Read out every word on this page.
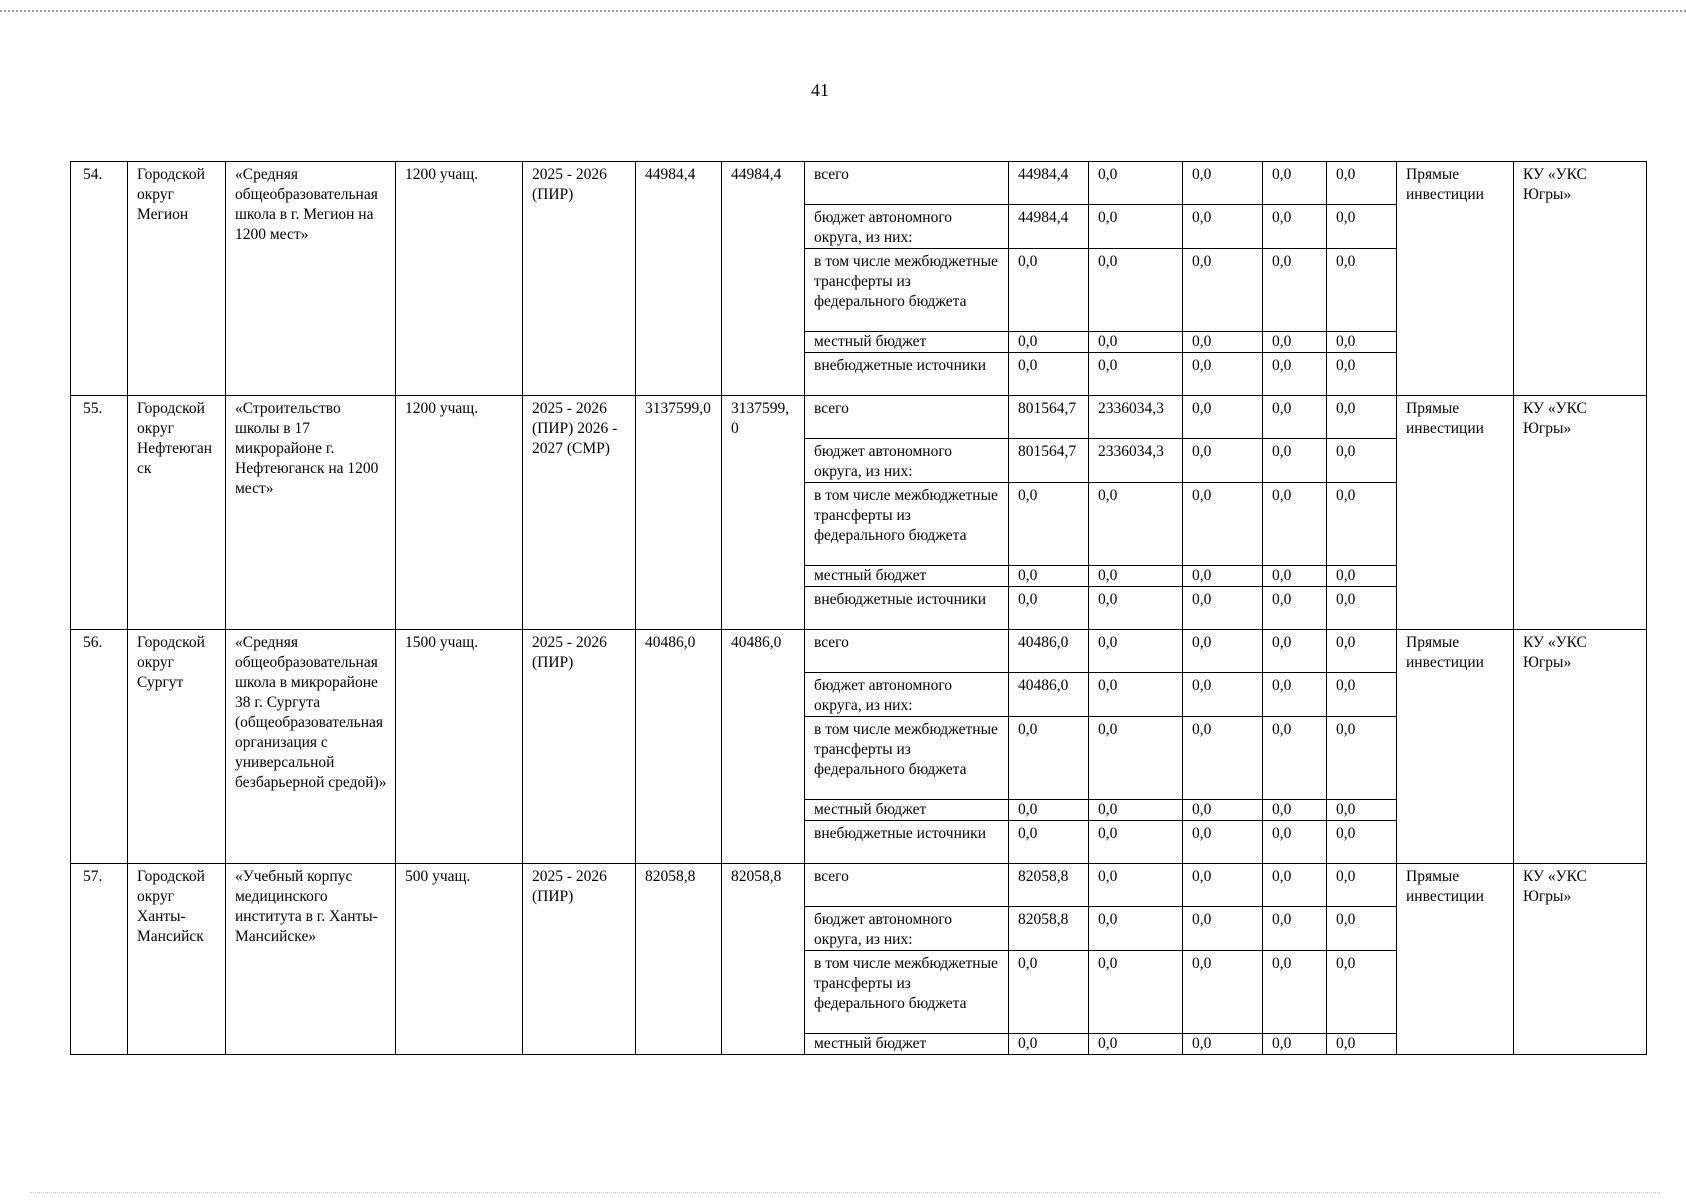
41
54.	Городской округ Мегион	«Средняя общеобразовательная школа в г. Мегион на 1200 мест»	1200 учащ.	2025 - 2026 (ПИР)	44984,4	44984,4	всего	44984,4	0,0	0,0	0,0	0,0	Прямые инвестиции	КУ «УКС Югры»
							бюджет автономного округа, из них:	44984,4	0,0	0,0	0,0	0,0		
							в том числе межбюджетные трансферты из федерального бюджета	0,0	0,0	0,0	0,0	0,0		
							местный бюджет	0,0	0,0	0,0	0,0	0,0		
							внебюджетные источники	0,0	0,0	0,0	0,0	0,0		
55.	Городской округ Нефтеюганск	«Строительство школы в 17 микрорайоне г. Нефтеюганск на 1200 мест»	1200 учащ.	2025 - 2026 (ПИР) 2026 - 2027 (СМР)	3137599,0	3137599,0	всего	801564,7	2336034,3	0,0	0,0	0,0	Прямые инвестиции	КУ «УКС Югры»
							бюджет автономного округа, из них:	801564,7	2336034,3	0,0	0,0	0,0		
							в том числе межбюджетные трансферты из федерального бюджета	0,0	0,0	0,0	0,0	0,0		
							местный бюджет	0,0	0,0	0,0	0,0	0,0		
							внебюджетные источники	0,0	0,0	0,0	0,0	0,0		
56.	Городской округ Сургут	«Средняя общеобразовательная школа в микрорайоне 38 г. Сургута (общеобразовательная организация с универсальной безбарьерной средой)»	1500 учащ.	2025 - 2026 (ПИР)	40486,0	40486,0	всего	40486,0	0,0	0,0	0,0	0,0	Прямые инвестиции	КУ «УКС Югры»
							бюджет автономного округа, из них:	40486,0	0,0	0,0	0,0	0,0		
							в том числе межбюджетные трансферты из федерального бюджета	0,0	0,0	0,0	0,0	0,0		
							местный бюджет	0,0	0,0	0,0	0,0	0,0		
							внебюджетные источники	0,0	0,0	0,0	0,0	0,0		
57.	Городской округ Ханты-Мансийск	«Учебный корпус медицинского института в г. Ханты-Мансийске»	500 учащ.	2025 - 2026 (ПИР)	82058,8	82058,8	всего	82058,8	0,0	0,0	0,0	0,0	Прямые инвестиции	КУ «УКС Югры»
							бюджет автономного округа, из них:	82058,8	0,0	0,0	0,0	0,0		
							в том числе межбюджетные трансферты из федерального бюджета	0,0	0,0	0,0	0,0	0,0		
							местный бюджет	0,0	0,0	0,0	0,0	0,0		
